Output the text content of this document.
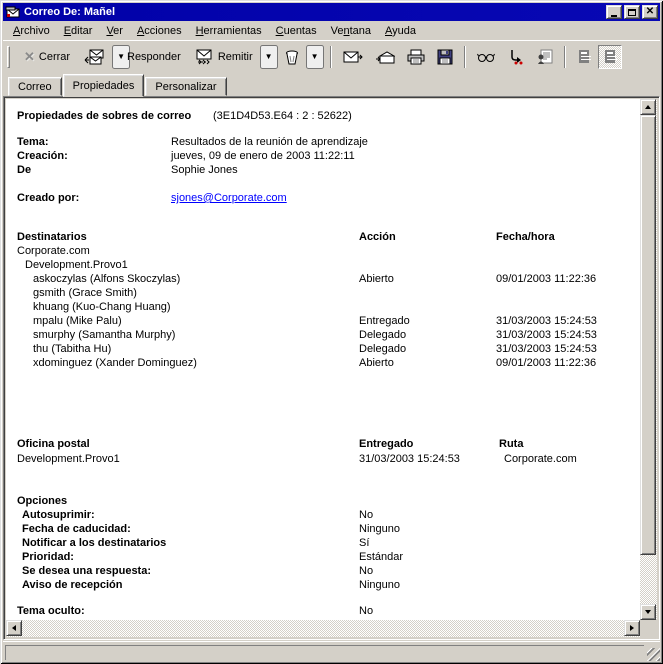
Correo De: Mañel	✕
Archivo	Editar	Ver	Acciones	Herramientas	Cuentas	Ventana	Ayuda
✕ Cerrar	▼ Responder	Remitir	▼	▼
Correo	Propiedades	Personalizar
Propiedades de sobres de correo (3E1D4D53.E64 : 2 : 52622)
Tema:	Resultados de la reunión de aprendizaje
Creación:	jueves, 09 de enero de 2003 11:22:11
De	Sophie Jones
Creado por:	sjones@Corporate.com
Destinatarios	Acción	Fecha/hora
Corporate.com
Development.Provo1
askoczylas (Alfons Skoczylas)	Abierto	09/01/2003 11:22:36
gsmith (Grace Smith)
khuang (Kuo-Chang Huang)
mpalu (Mike Palu)	Entregado	31/03/2003 15:24:53
smurphy (Samantha Murphy)	Delegado	31/03/2003 15:24:53
thu (Tabitha Hu)	Delegado	31/03/2003 15:24:53
xdominguez (Xander Dominguez)	Abierto	09/01/2003 11:22:36
Oficina postal	Entregado	Ruta
Development.Provo1	31/03/2003 15:24:53	Corporate.com
Opciones
Autosuprimir:	No
Fecha de caducidad:	Ninguno
Notificar a los destinatarios	Sí
Prioridad:	Estándar
Se desea una respuesta:	No
Aviso de recepción	Ninguno
Tema oculto:	No
